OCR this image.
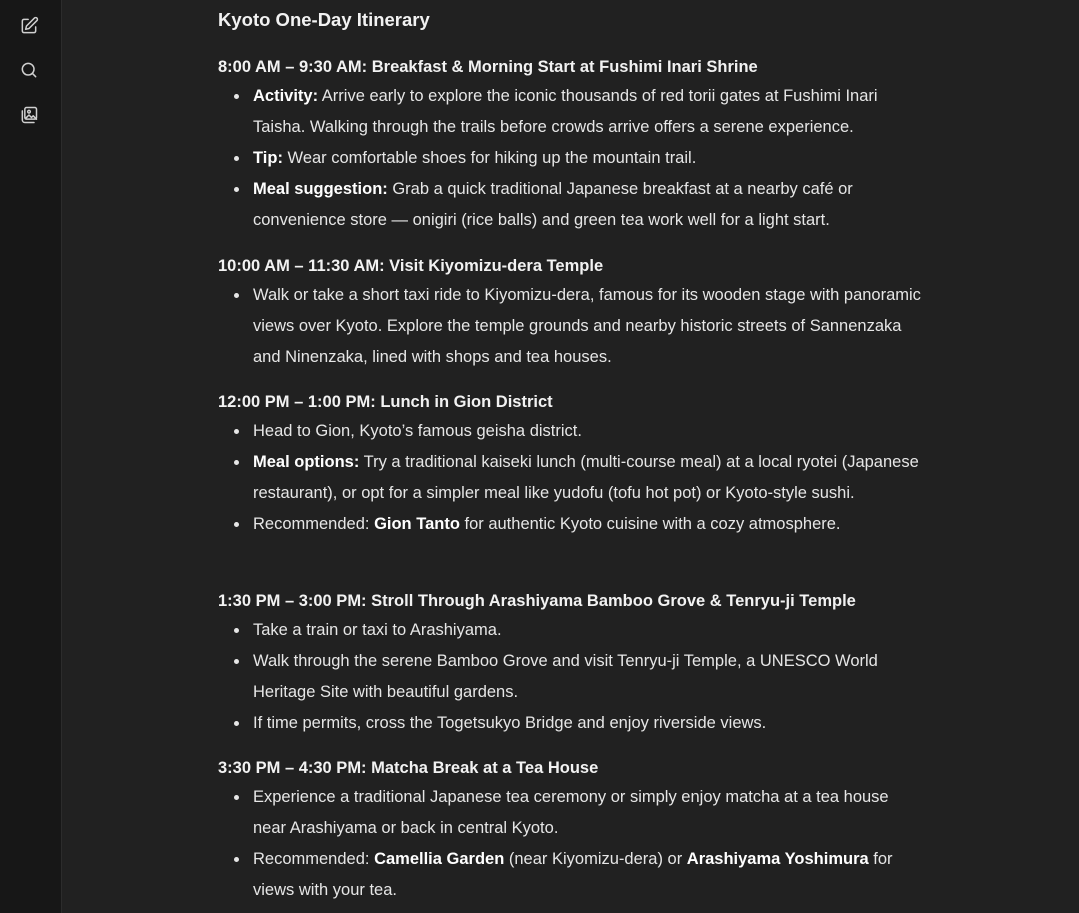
Kyoto One-Day Itinerary
8:00 AM – 9:30 AM: Breakfast & Morning Start at Fushimi Inari Shrine
Activity: Arrive early to explore the iconic thousands of red torii gates at Fushimi Inari Taisha. Walking through the trails before crowds arrive offers a serene experience.
Tip: Wear comfortable shoes for hiking up the mountain trail.
Meal suggestion: Grab a quick traditional Japanese breakfast at a nearby café or convenience store — onigiri (rice balls) and green tea work well for a light start.
10:00 AM – 11:30 AM: Visit Kiyomizu-dera Temple
Walk or take a short taxi ride to Kiyomizu-dera, famous for its wooden stage with panoramic views over Kyoto. Explore the temple grounds and nearby historic streets of Sannenzaka and Ninenzaka, lined with shops and tea houses.
12:00 PM – 1:00 PM: Lunch in Gion District
Head to Gion, Kyoto’s famous geisha district.
Meal options: Try a traditional kaiseki lunch (multi-course meal) at a local ryotei (Japanese restaurant), or opt for a simpler meal like yudofu (tofu hot pot) or Kyoto-style sushi.
Recommended: Gion Tanto for authentic Kyoto cuisine with a cozy atmosphere.
1:30 PM – 3:00 PM: Stroll Through Arashiyama Bamboo Grove & Tenryu-ji Temple
Take a train or taxi to Arashiyama.
Walk through the serene Bamboo Grove and visit Tenryu-ji Temple, a UNESCO World Heritage Site with beautiful gardens.
If time permits, cross the Togetsukyo Bridge and enjoy riverside views.
3:30 PM – 4:30 PM: Matcha Break at a Tea House
Experience a traditional Japanese tea ceremony or simply enjoy matcha at a tea house near Arashiyama or back in central Kyoto.
Recommended: Camellia Garden (near Kiyomizu-dera) or Arashiyama Yoshimura for views with your tea.
